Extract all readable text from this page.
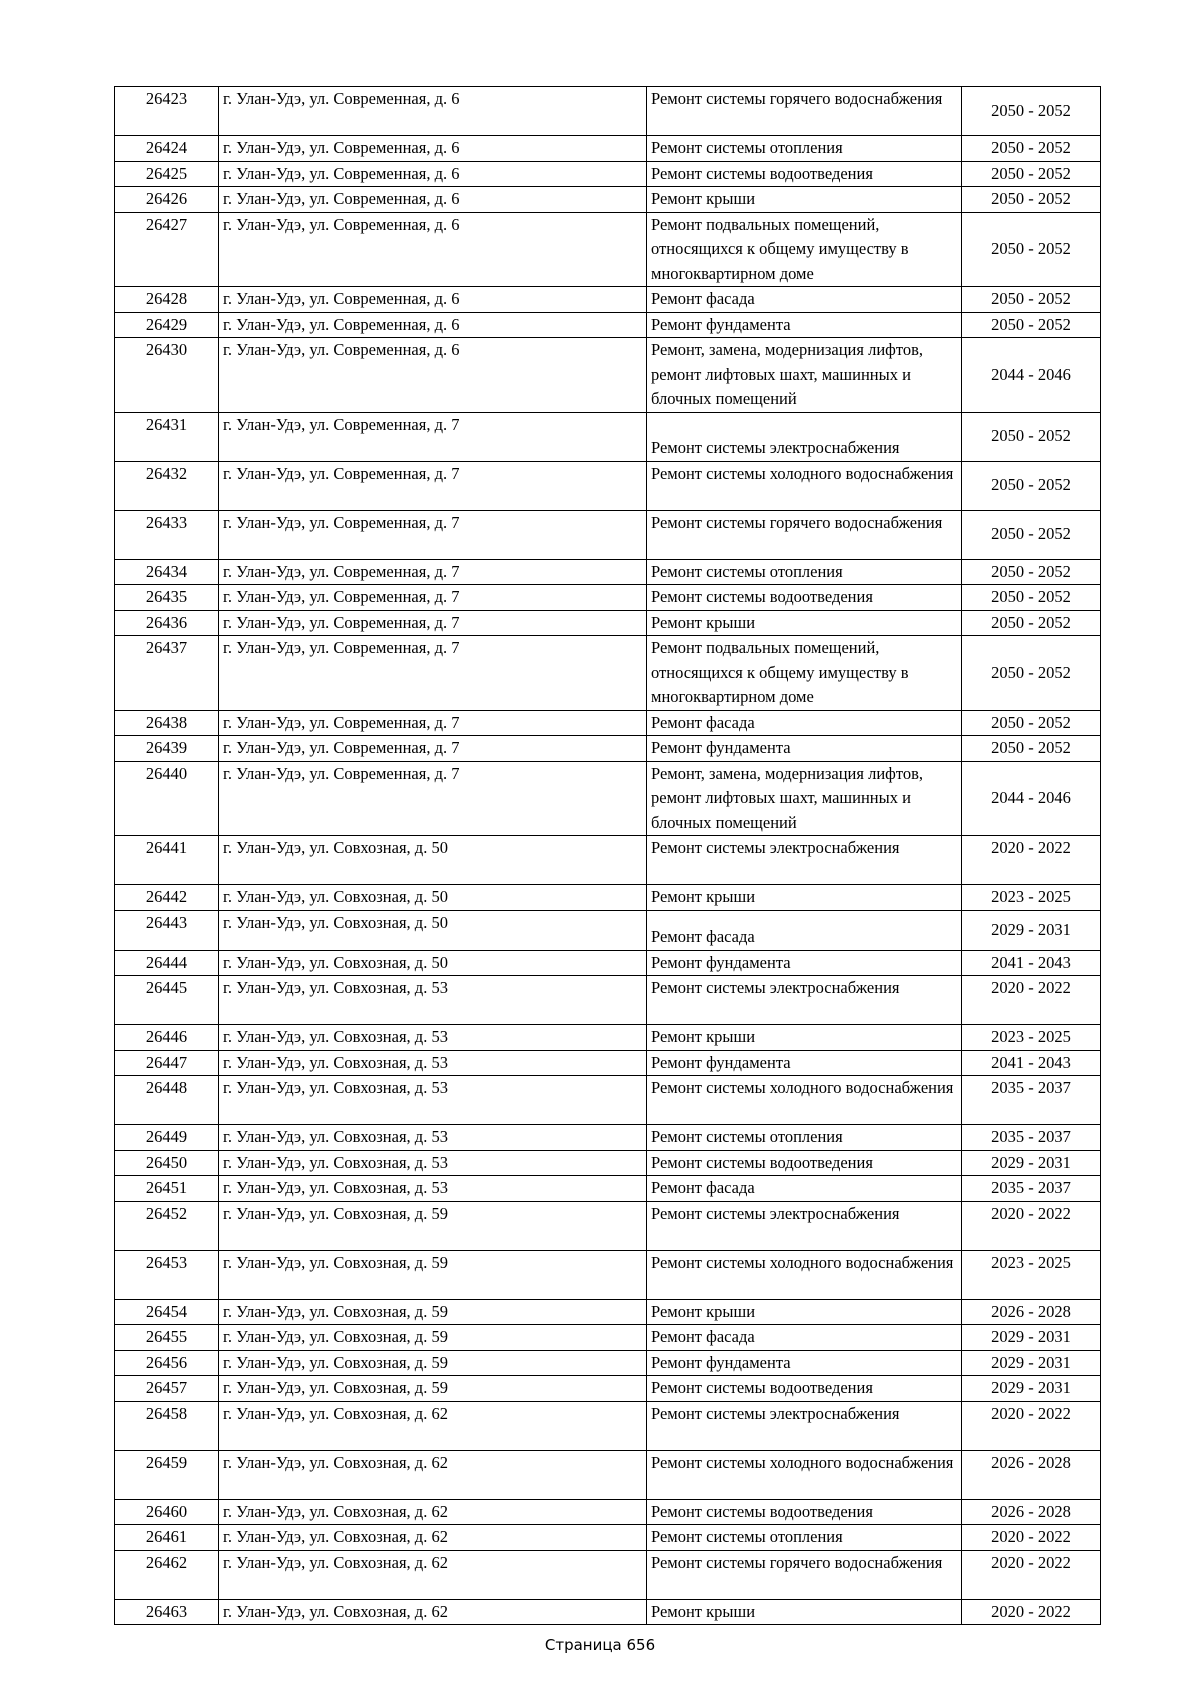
26423	г. Улан-Удэ, ул. Современная, д. 6	Ремонт системы горячего водоснабжения	2050 - 2052
26424	г. Улан-Удэ, ул. Современная, д. 6	Ремонт системы отопления	2050 - 2052
26425	г. Улан-Удэ, ул. Современная, д. 6	Ремонт системы водоотведения	2050 - 2052
26426	г. Улан-Удэ, ул. Современная, д. 6	Ремонт крыши	2050 - 2052
26427	г. Улан-Удэ, ул. Современная, д. 6	Ремонт подвальных помещений, относящихся к общему имуществу в многоквартирном доме	2050 - 2052
26428	г. Улан-Удэ, ул. Современная, д. 6	Ремонт фасада	2050 - 2052
26429	г. Улан-Удэ, ул. Современная, д. 6	Ремонт фундамента	2050 - 2052
26430	г. Улан-Удэ, ул. Современная, д. 6	Ремонт, замена, модернизация лифтов, ремонт лифтовых шахт, машинных и блочных помещений	2044 - 2046
26431	г. Улан-Удэ, ул. Современная, д. 7	Ремонт системы электроснабжения	2050 - 2052
26432	г. Улан-Удэ, ул. Современная, д. 7	Ремонт системы холодного водоснабжения	2050 - 2052
26433	г. Улан-Удэ, ул. Современная, д. 7	Ремонт системы горячего водоснабжения	2050 - 2052
26434	г. Улан-Удэ, ул. Современная, д. 7	Ремонт системы отопления	2050 - 2052
26435	г. Улан-Удэ, ул. Современная, д. 7	Ремонт системы водоотведения	2050 - 2052
26436	г. Улан-Удэ, ул. Современная, д. 7	Ремонт крыши	2050 - 2052
26437	г. Улан-Удэ, ул. Современная, д. 7	Ремонт подвальных помещений, относящихся к общему имуществу в многоквартирном доме	2050 - 2052
26438	г. Улан-Удэ, ул. Современная, д. 7	Ремонт фасада	2050 - 2052
26439	г. Улан-Удэ, ул. Современная, д. 7	Ремонт фундамента	2050 - 2052
26440	г. Улан-Удэ, ул. Современная, д. 7	Ремонт, замена, модернизация лифтов, ремонт лифтовых шахт, машинных и блочных помещений	2044 - 2046
26441	г. Улан-Удэ, ул. Совхозная, д. 50	Ремонт системы электроснабжения	2020 - 2022
26442	г. Улан-Удэ, ул. Совхозная, д. 50	Ремонт крыши	2023 - 2025
26443	г. Улан-Удэ, ул. Совхозная, д. 50	Ремонт фасада	2029 - 2031
26444	г. Улан-Удэ, ул. Совхозная, д. 50	Ремонт фундамента	2041 - 2043
26445	г. Улан-Удэ, ул. Совхозная, д. 53	Ремонт системы электроснабжения	2020 - 2022
26446	г. Улан-Удэ, ул. Совхозная, д. 53	Ремонт крыши	2023 - 2025
26447	г. Улан-Удэ, ул. Совхозная, д. 53	Ремонт фундамента	2041 - 2043
26448	г. Улан-Удэ, ул. Совхозная, д. 53	Ремонт системы холодного водоснабжения	2035 - 2037
26449	г. Улан-Удэ, ул. Совхозная, д. 53	Ремонт системы отопления	2035 - 2037
26450	г. Улан-Удэ, ул. Совхозная, д. 53	Ремонт системы водоотведения	2029 - 2031
26451	г. Улан-Удэ, ул. Совхозная, д. 53	Ремонт фасада	2035 - 2037
26452	г. Улан-Удэ, ул. Совхозная, д. 59	Ремонт системы электроснабжения	2020 - 2022
26453	г. Улан-Удэ, ул. Совхозная, д. 59	Ремонт системы холодного водоснабжения	2023 - 2025
26454	г. Улан-Удэ, ул. Совхозная, д. 59	Ремонт крыши	2026 - 2028
26455	г. Улан-Удэ, ул. Совхозная, д. 59	Ремонт фасада	2029 - 2031
26456	г. Улан-Удэ, ул. Совхозная, д. 59	Ремонт фундамента	2029 - 2031
26457	г. Улан-Удэ, ул. Совхозная, д. 59	Ремонт системы водоотведения	2029 - 2031
26458	г. Улан-Удэ, ул. Совхозная, д. 62	Ремонт системы электроснабжения	2020 - 2022
26459	г. Улан-Удэ, ул. Совхозная, д. 62	Ремонт системы холодного водоснабжения	2026 - 2028
26460	г. Улан-Удэ, ул. Совхозная, д. 62	Ремонт системы водоотведения	2026 - 2028
26461	г. Улан-Удэ, ул. Совхозная, д. 62	Ремонт системы отопления	2020 - 2022
26462	г. Улан-Удэ, ул. Совхозная, д. 62	Ремонт системы горячего водоснабжения	2020 - 2022
26463	г. Улан-Удэ, ул. Совхозная, д. 62	Ремонт крыши	2020 - 2022
Страница 656
